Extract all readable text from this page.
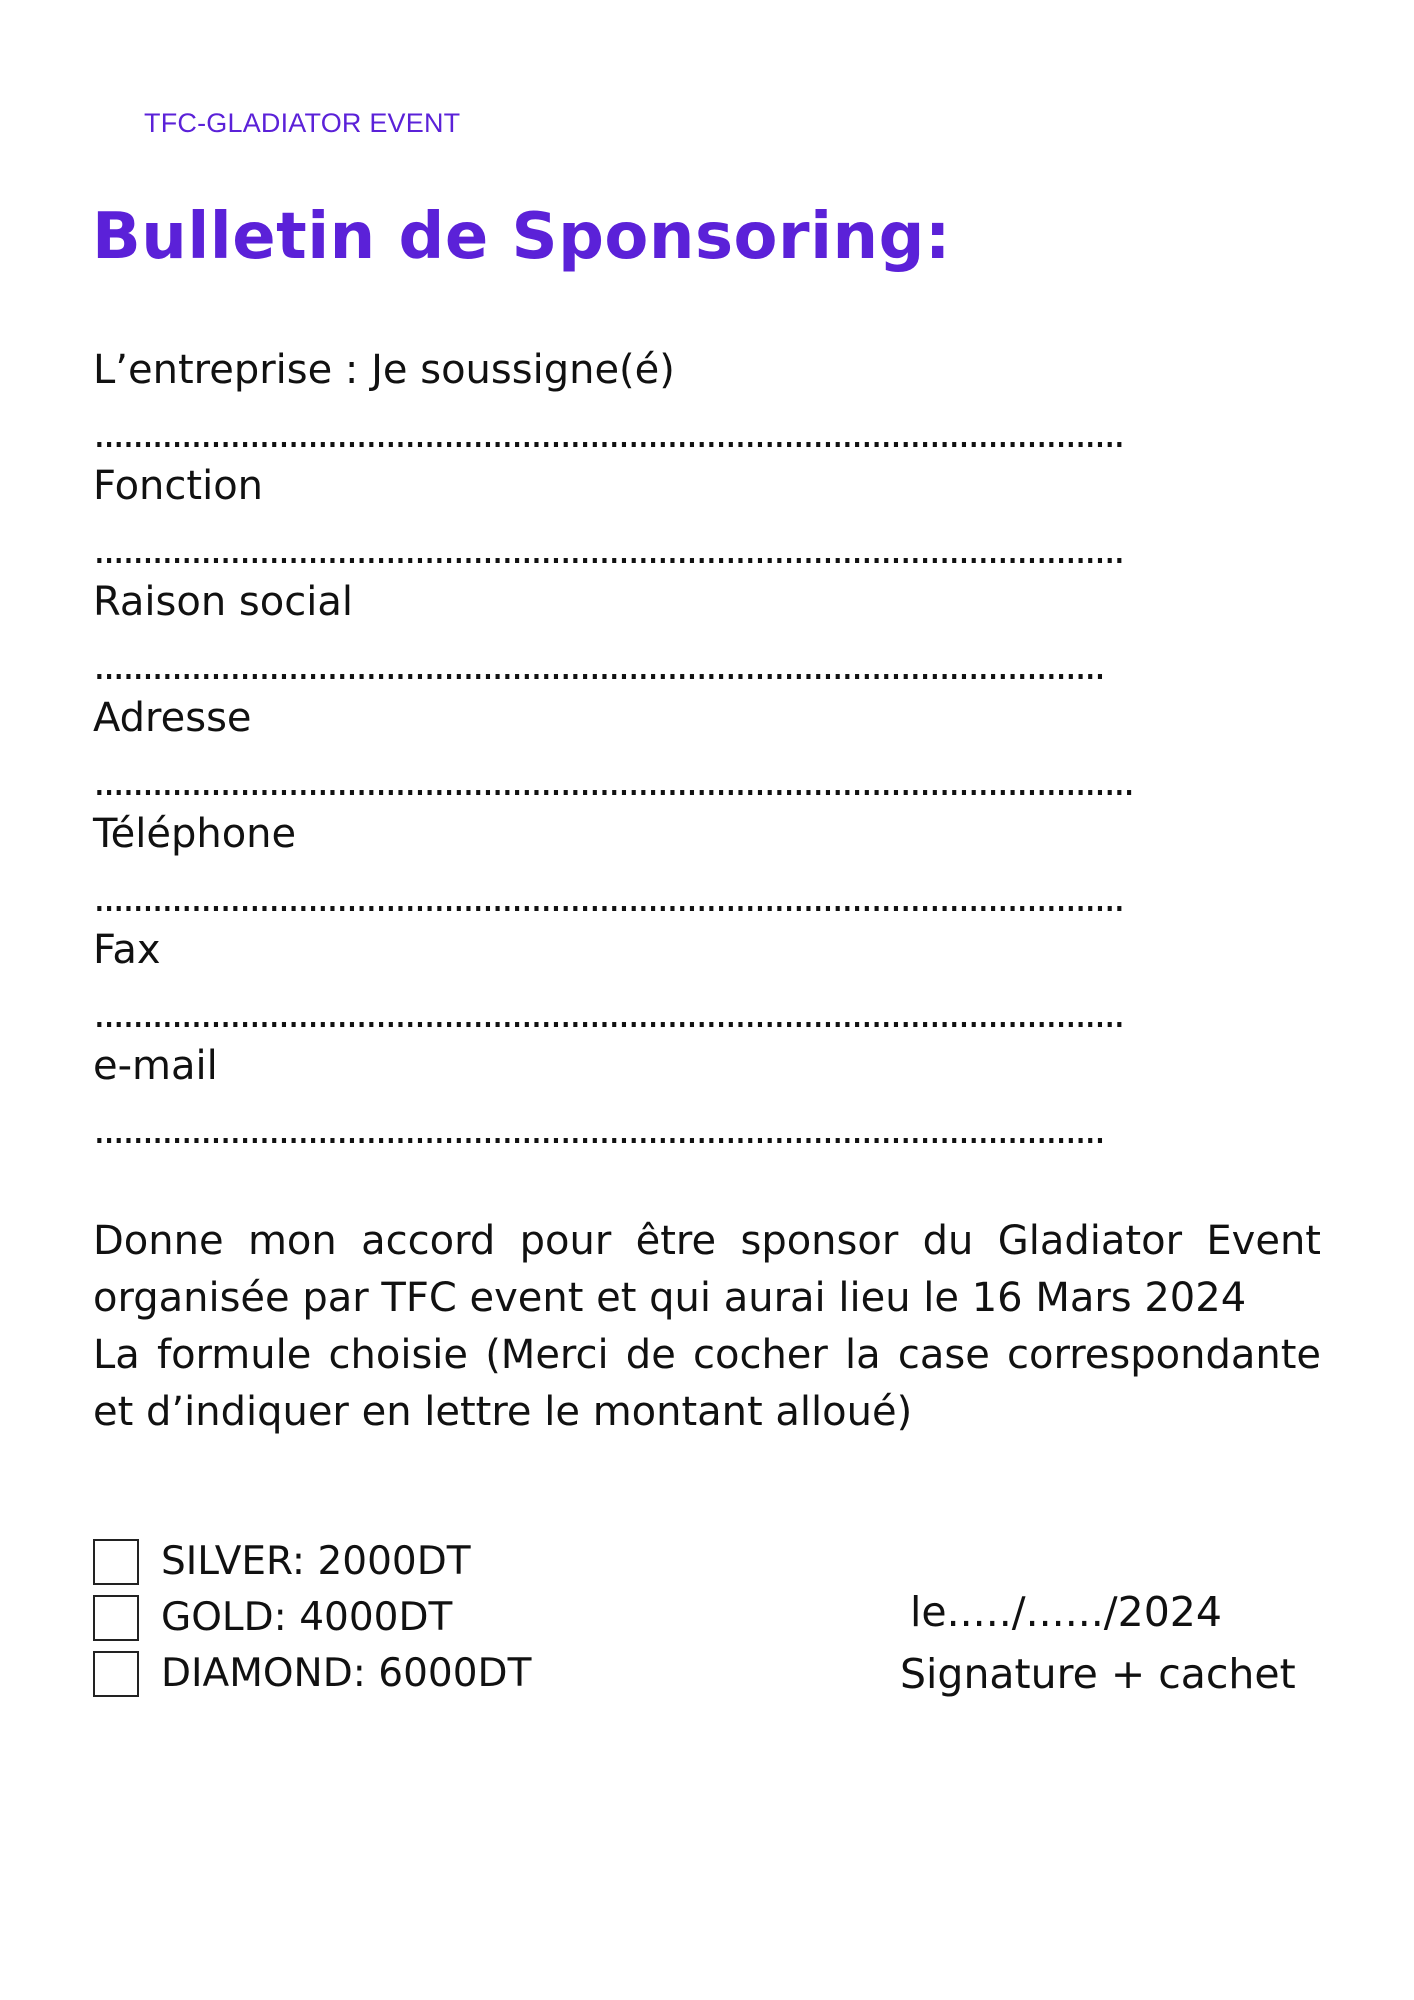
TFC-GLADIATOR EVENT
Bulletin de Sponsoring:
L’entreprise : Je soussigne(é)
..........................................................................................................
Fonction
..........................................................................................................
Raison social
........................................................................................................
Adresse
...........................................................................................................
Téléphone
..........................................................................................................
Fax
..........................................................................................................
e-mail
........................................................................................................

Donne mon accord pour être sponsor du Gladiator Event organisée par TFC event et qui aurai lieu le 16 Mars 2024

La formule choisie (Merci de cocher la case correspondante et d’indiquer en lettre le montant alloué)

SILVER: 2000DT
GOLD: 4000DT
DIAMOND: 6000DT
le...../....../2024
Signature + cachet
